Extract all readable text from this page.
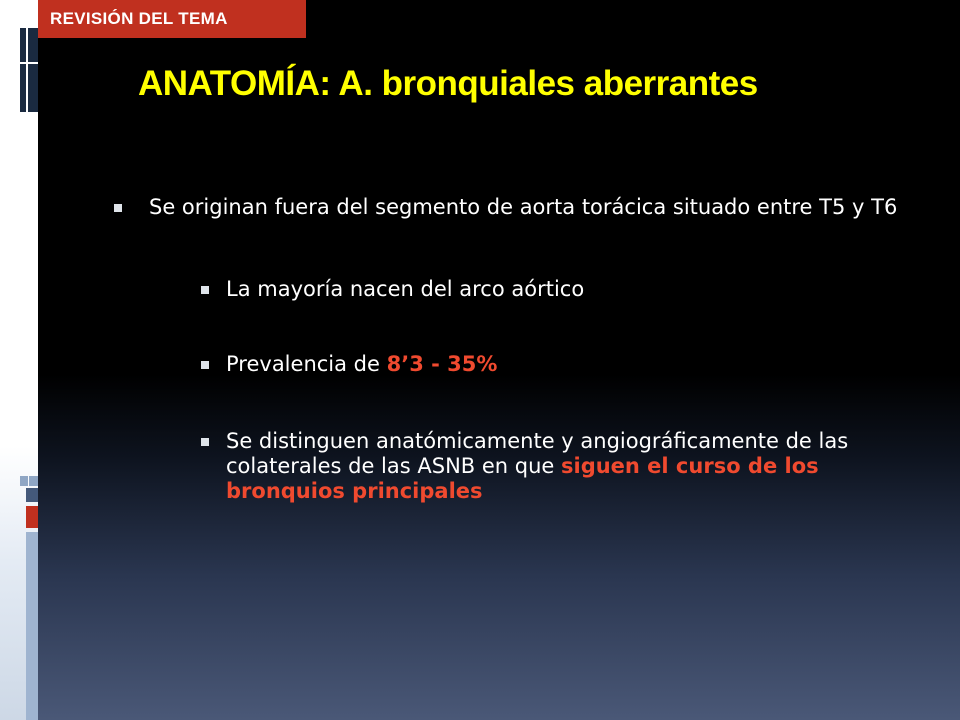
REVISIÓN DEL TEMA
ANATOMÍA: A. bronquiales aberrantes
Se originan fuera del segmento de aorta torácica situado entre T5 y T6
La mayoría nacen del arco aórtico
Prevalencia de 8’3 - 35%
Se distinguen anatómicamente y angiográficamente de las colaterales de las ASNB en que siguen el curso de los bronquios principales
